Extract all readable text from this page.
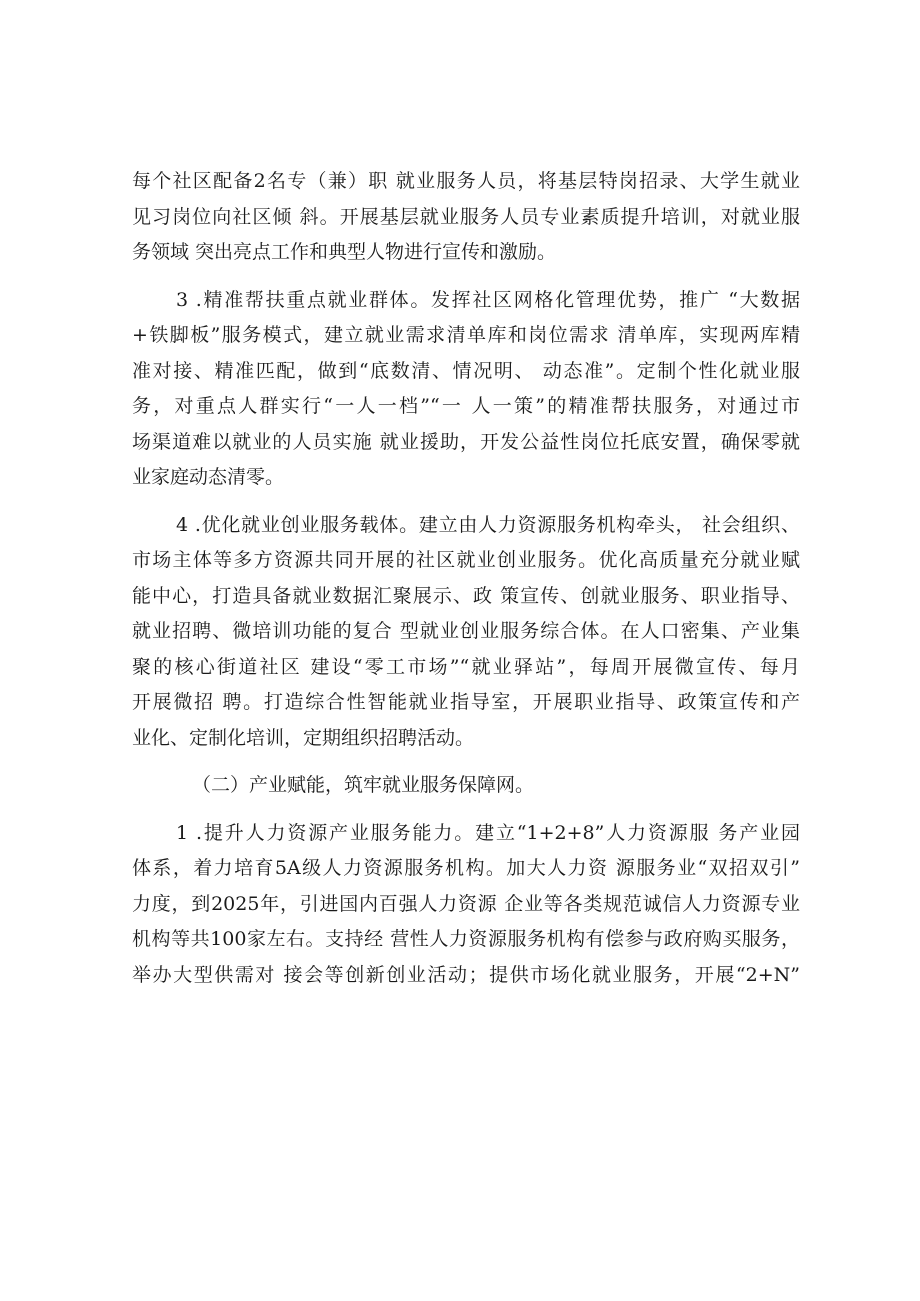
每个社区配备2名专（兼）职 就业服务人员，将基层特岗招录、大学生就业
见习岗位向社区倾 斜。开展基层就业服务人员专业素质提升培训，对就业服
务领域 突出亮点工作和典型人物进行宣传和激励。
3 .精准帮扶重点就业群体。发挥社区网格化管理优势，推广 “大数据
+铁脚板”服务模式，建立就业需求清单库和岗位需求 清单库，实现两库精
准对接、精准匹配，做到“底数清、情况明、 动态准”。定制个性化就业服
务，对重点人群实行“一人一档”“一 人一策”的精准帮扶服务，对通过市
场渠道难以就业的人员实施 就业援助，开发公益性岗位托底安置，确保零就
业家庭动态清零。
4 .优化就业创业服务载体。建立由人力资源服务机构牵头， 社会组织、
市场主体等多方资源共同开展的社区就业创业服务。优化高质量充分就业赋
能中心，打造具备就业数据汇聚展示、政 策宣传、创就业服务、职业指导、
就业招聘、微培训功能的复合 型就业创业服务综合体。在人口密集、产业集
聚的核心街道社区 建设“零工市场”“就业驿站”，每周开展微宣传、每月
开展微招 聘。打造综合性智能就业指导室，开展职业指导、政策宣传和产
业化、定制化培训，定期组织招聘活动。
（二）产业赋能，筑牢就业服务保障网。
1 .提升人力资源产业服务能力。建立“1+2+8”人力资源服 务产业园
体系，着力培育5A级人力资源服务机构。加大人力资 源服务业“双招双引”
力度，到2025年，引进国内百强人力资源 企业等各类规范诚信人力资源专业
机构等共100家左右。支持经 营性人力资源服务机构有偿参与政府购买服务，
举办大型供需对 接会等创新创业活动；提供市场化就业服务，开展“2+N”
